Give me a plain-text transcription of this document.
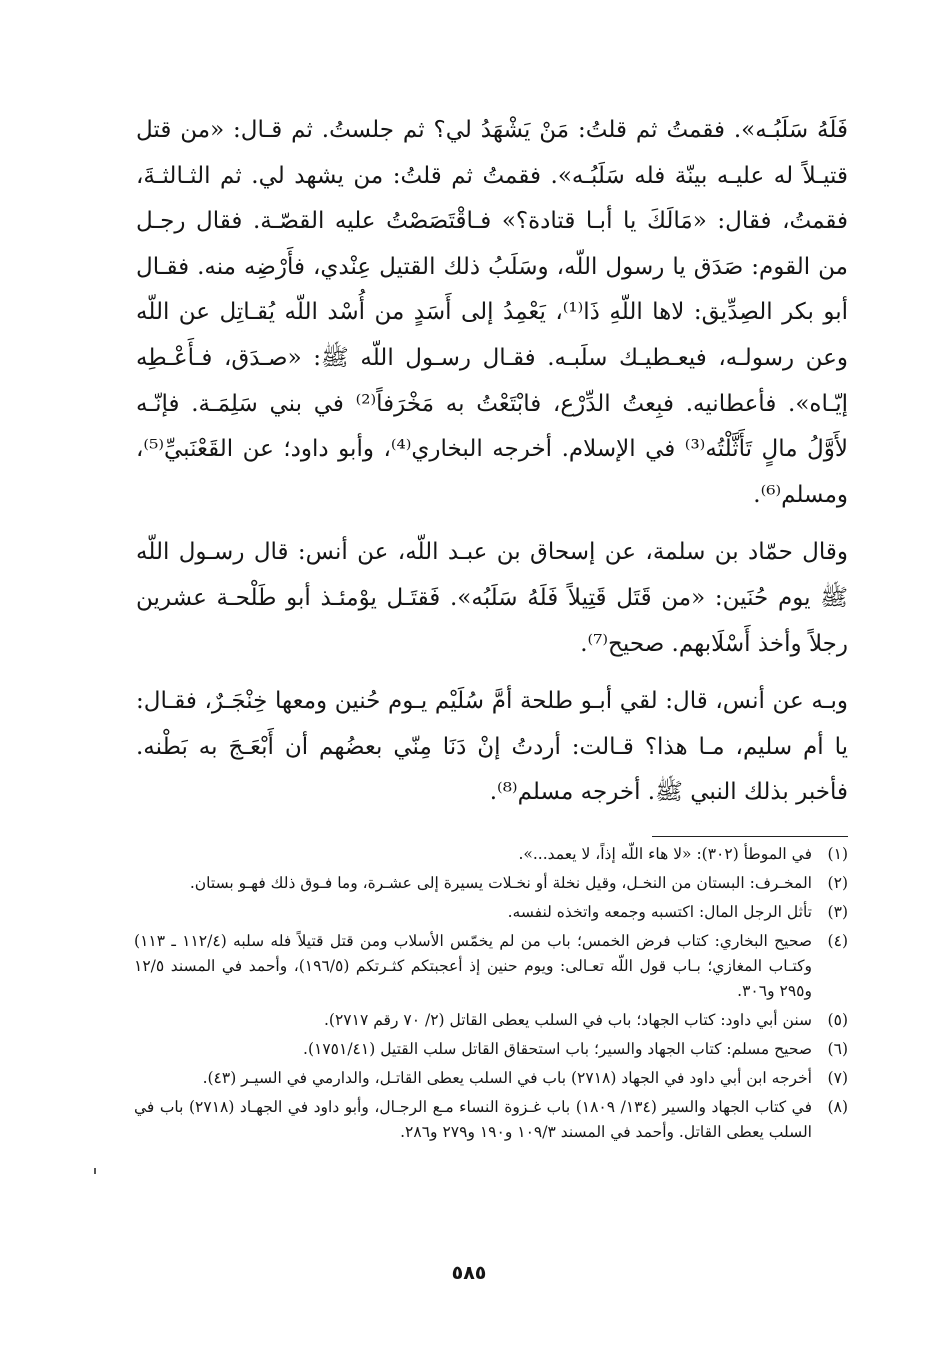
فَلَهُ سَلَبُـه». فقمتُ ثم قلتُ: مَنْ يَشْهَدُ لي؟ ثم جلستُ. ثم قـال: «من قتل قتيـلاً له عليـه بينّة فله سَلَبُـه». فقمتُ ثم قلتُ: من يشهد لي. ثم الثـالثـةَ، فقمتُ، فقال: «مَالَكَ يا أبـا قتادة؟» فـاقْتَصَصْتُ عليه القصّـة. فقال رجـل من القوم: صَدَق يا رسول اللّه، وسَلَبُ ذلك القتيل عِنْدي، فأَرْضِه منه. فقـال أبو بكر الصِدِّيق: لاها اللّهِ ذَا⁽¹⁾، يَعْمِدُ إلى أَسَدٍ من أُسْد اللّه يُقـاتِل عن اللّه وعن رسولـه، فيعـطيـك سلَبـه. فقـال رسـول اللّه ﷺ: «صـدَق، فـأَعْـطِه إيّـاه». فأعطانيه. فبِعتُ الدِّرْع، فابْتَعْتُ به مَخْرَفاً⁽²⁾ في بني سَلِمَـة. فإنّـه لأَوَّلُ مالٍ تَأَثَّلْتُه⁽³⁾ في الإسلام. أخرجه البخاري⁽⁴⁾، وأبو داود؛ عن القَعْنَبيِّ⁽⁵⁾، ومسلم⁽⁶⁾.

وقال حمّاد بن سلمة، عن إسحاق بن عبـد اللّه، عن أنس: قال رسـول اللّه ﷺ يوم حُنَين: «من قَتَل قَتِيلاً فَلَهُ سَلَبُه». فَقتَـل يوْمئـذ أبو طَلْحـة عشرين رجلاً وأخذ أَسْلَابهم. صحيح⁽⁷⁾.

وبـه عن أنس، قال: لقي أبـو طلحة أمَّ سُلَيْم يـوم حُنين ومعها خِنْجَـرٌ، فقـال: يا أم سليم، مـا هذا؟ قـالت: أردتُ إنْ دَنَا مِنّي بعضُهم أن أَبْعَـجَ به بَطْنه. فأخبر بذلك النبي ﷺ. أخرجه مسلم⁽⁸⁾.

(١)
في الموطأ (٣٠٢): «لا هاء اللّه إذاً، لا يعمد...».
(٢)
المخـرف: البستان من النخـل، وقيل نخلة أو نخـلات يسيرة إلى عشـرة، وما فـوق ذلك فهـو بستان.
(٣)
تأثل الرجل المال: اكتسبه وجمعه واتخذه لنفسه.
(٤)
صحيح البخاري: كتاب فرض الخمس؛ باب من لم يخمّس الأسلاب ومن قتل قتيلاً فله سلبه (١١٢/٤ ـ ١١٣) وكتـاب المغازي؛ بـاب قول اللّه تعـالى: ويوم حنين إذ أعجبتكم كثـرتكم (١٩٦/٥)، وأحمد في المسند ١٢/٥ و٢٩٥ و٣٠٦.
(٥)
سنن أبي داود: كتاب الجهاد؛ باب في السلب يعطى القاتل (٢/ ٧٠ رقم ٢٧١٧).
(٦)
صحيح مسلم: كتاب الجهاد والسير؛ باب استحقاق القاتل سلب القتيل (١٧٥١/٤١).
(٧)
أخرجه ابن أبي داود في الجهاد (٢٧١٨) باب في السلب يعطى القاتـل، والدارمي في السيـر (٤٣).
(٨)
في كتاب الجهاد والسير (١٣٤/ ١٨٠٩) باب غـزوة النساء مـع الرجـال، وأبو داود في الجهـاد (٢٧١٨) باب في السلب يعطى القاتل. وأحمد في المسند ١٠٩/٣ و١٩٠ و٢٧٩ و٢٨٦.
٥٨٥
